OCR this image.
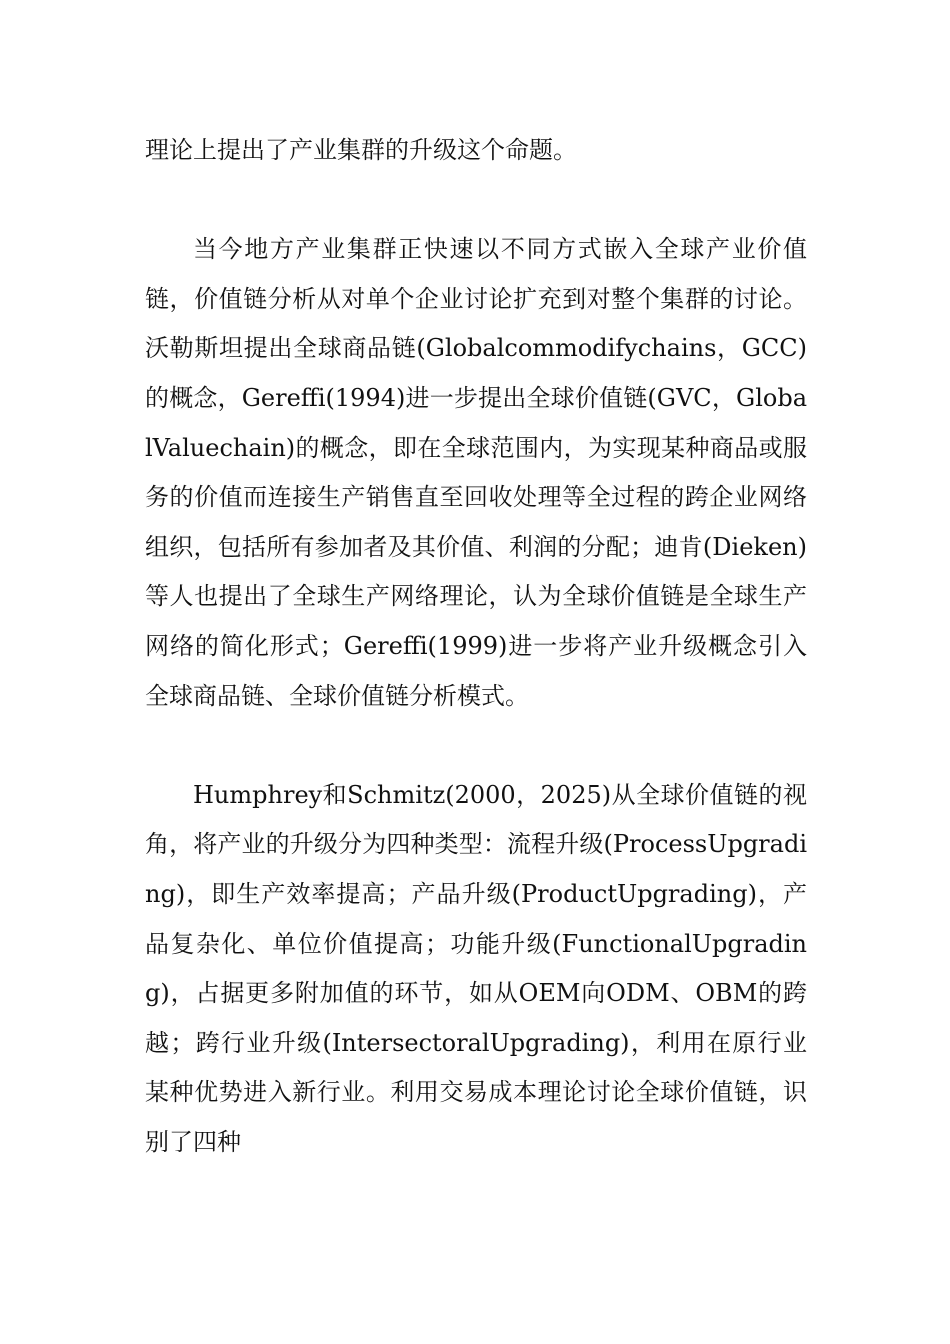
理论上提出了产业集群的升级这个命题。

当今地方产业集群正快速以不同方式嵌入全球产业价值链，价值链分析从对单个企业讨论扩充到对整个集群的讨论。沃勒斯坦提出全球商品链(Globalcommodifychains，GCC)的概念，Gereffi(1994)进一步提出全球价值链(GVC，GlobalValuechain)的概念，即在全球范围内，为实现某种商品或服务的价值而连接生产销售直至回收处理等全过程的跨企业网络组织，包括所有参加者及其价值、利润的分配；迪肯(Dieken)等人也提出了全球生产网络理论，认为全球价值链是全球生产网络的简化形式；Gereffi(1999)进一步将产业升级概念引入全球商品链、全球价值链分析模式。

Humphrey和Schmitz(2000，2025)从全球价值链的视角，将产业的升级分为四种类型：流程升级(ProcessUpgrading)，即生产效率提高；产品升级(ProductUpgrading)，产品复杂化、单位价值提高；功能升级(FunctionalUpgrading)，占据更多附加值的环节，如从OEM向ODM、OBM的跨越；跨行业升级(IntersectoralUpgrading)，利用在原行业某种优势进入新行业。利用交易成本理论讨论全球价值链，识别了四种
